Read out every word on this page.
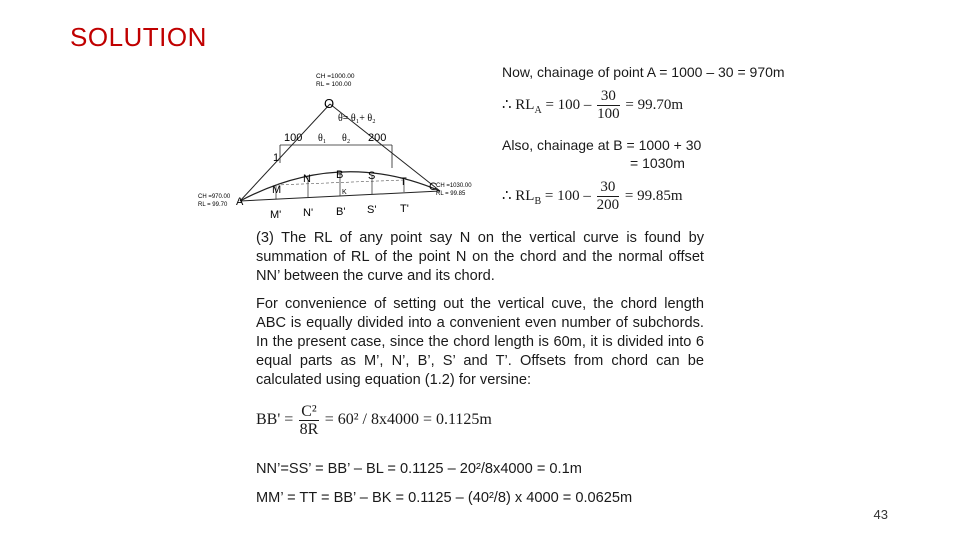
SOLUTION
CH =1000.00
RL = 100.00
O
θ= θ₁+ θ₂
100 θ₁ θ₂ 200
1
CH =970.00
RL = 99.70
CH =1030.00
RL = 99.85
A
M
N B S T C
K
M' N' B' S' T'
Now, chainage of point A = 1000 – 30 = 970m
∴ $RL_A = 100 - \frac{30}{100} = 99.70m$
Also, chainage at B = 1000 + 30
= 1030m
∴ $RL_B = 100 - \frac{30}{200} = 99.85m$
(3) The RL of any point say N on the vertical curve is found by summation of RL of the point N on the chord and the normal offset NN’ between the curve and its chord.
For convenience of setting out the vertical cuve, the chord length ABC is equally divided into a convenient even number of subchords. In the present case, since the chord length is 60m, it is divided into 6 equal parts as M’, N’, B’, S’ and T’. Offsets from chord can be calculated using equation (1.2) for versine:
$BB' = \frac{\text{C²}}{8R} = 60^2 / 8x4000 = 0.1125m$
NN’=SS’ = BB’ – BL = 0.1125 – 20²/8x4000 = 0.1m
MM’ = TT = BB’ – BK = 0.1125 – (40²/8) x 4000 = 0.0625m
43
